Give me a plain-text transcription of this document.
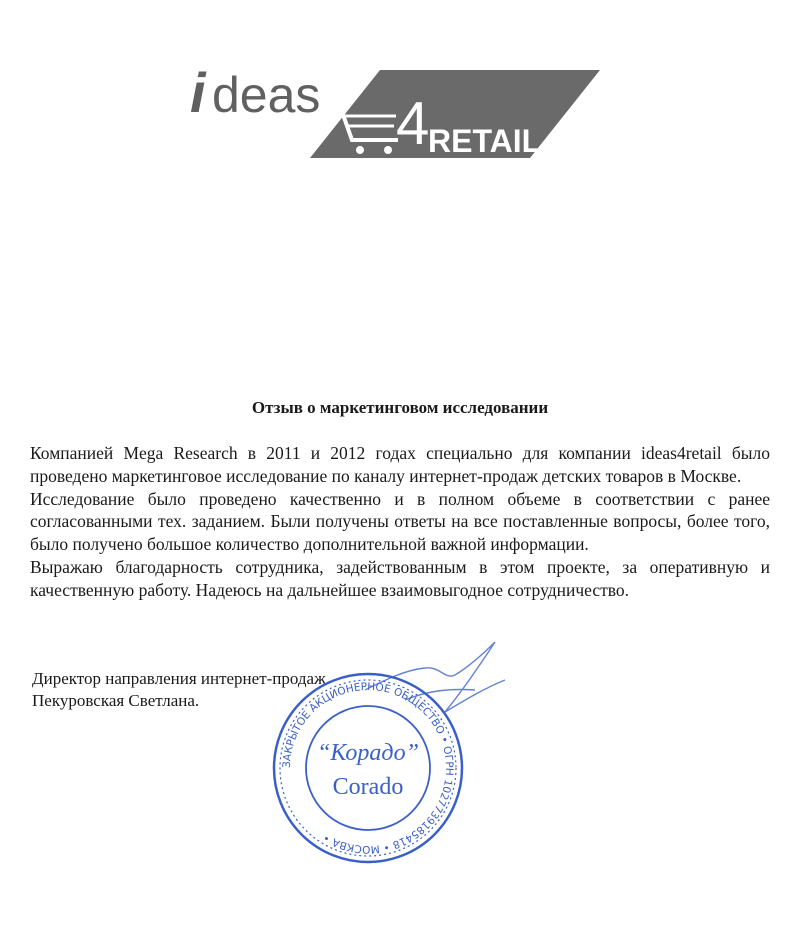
i deas 4
RETAIL
Отзыв о маркетинговом исследовании

Компанией Mega Research в 2011 и 2012 годах специально для компании ideas4retail было проведено маркетинговое исследование по каналу интернет-продаж детских товаров в Москве.

Исследование было проведено качественно и в полном объеме в соответствии с ранее согласованными тех. заданием. Были получены ответы на все поставленные вопросы, более того, было получено большое количество дополнительной важной информации.

Выражаю благодарность сотрудника, задействованным в этом проекте, за оперативную и качественную работу. Надеюсь на дальнейшее взаимовыгодное сотрудничество.

Директор направления интернет-продаж
Пекуровская Светлана.
ЗАКРЫТОЕ АКЦИОНЕРНОЕ ОБЩЕСТВО • ОГРН 1027739185418 • МОСКВА •
“Корадо”
Corado
